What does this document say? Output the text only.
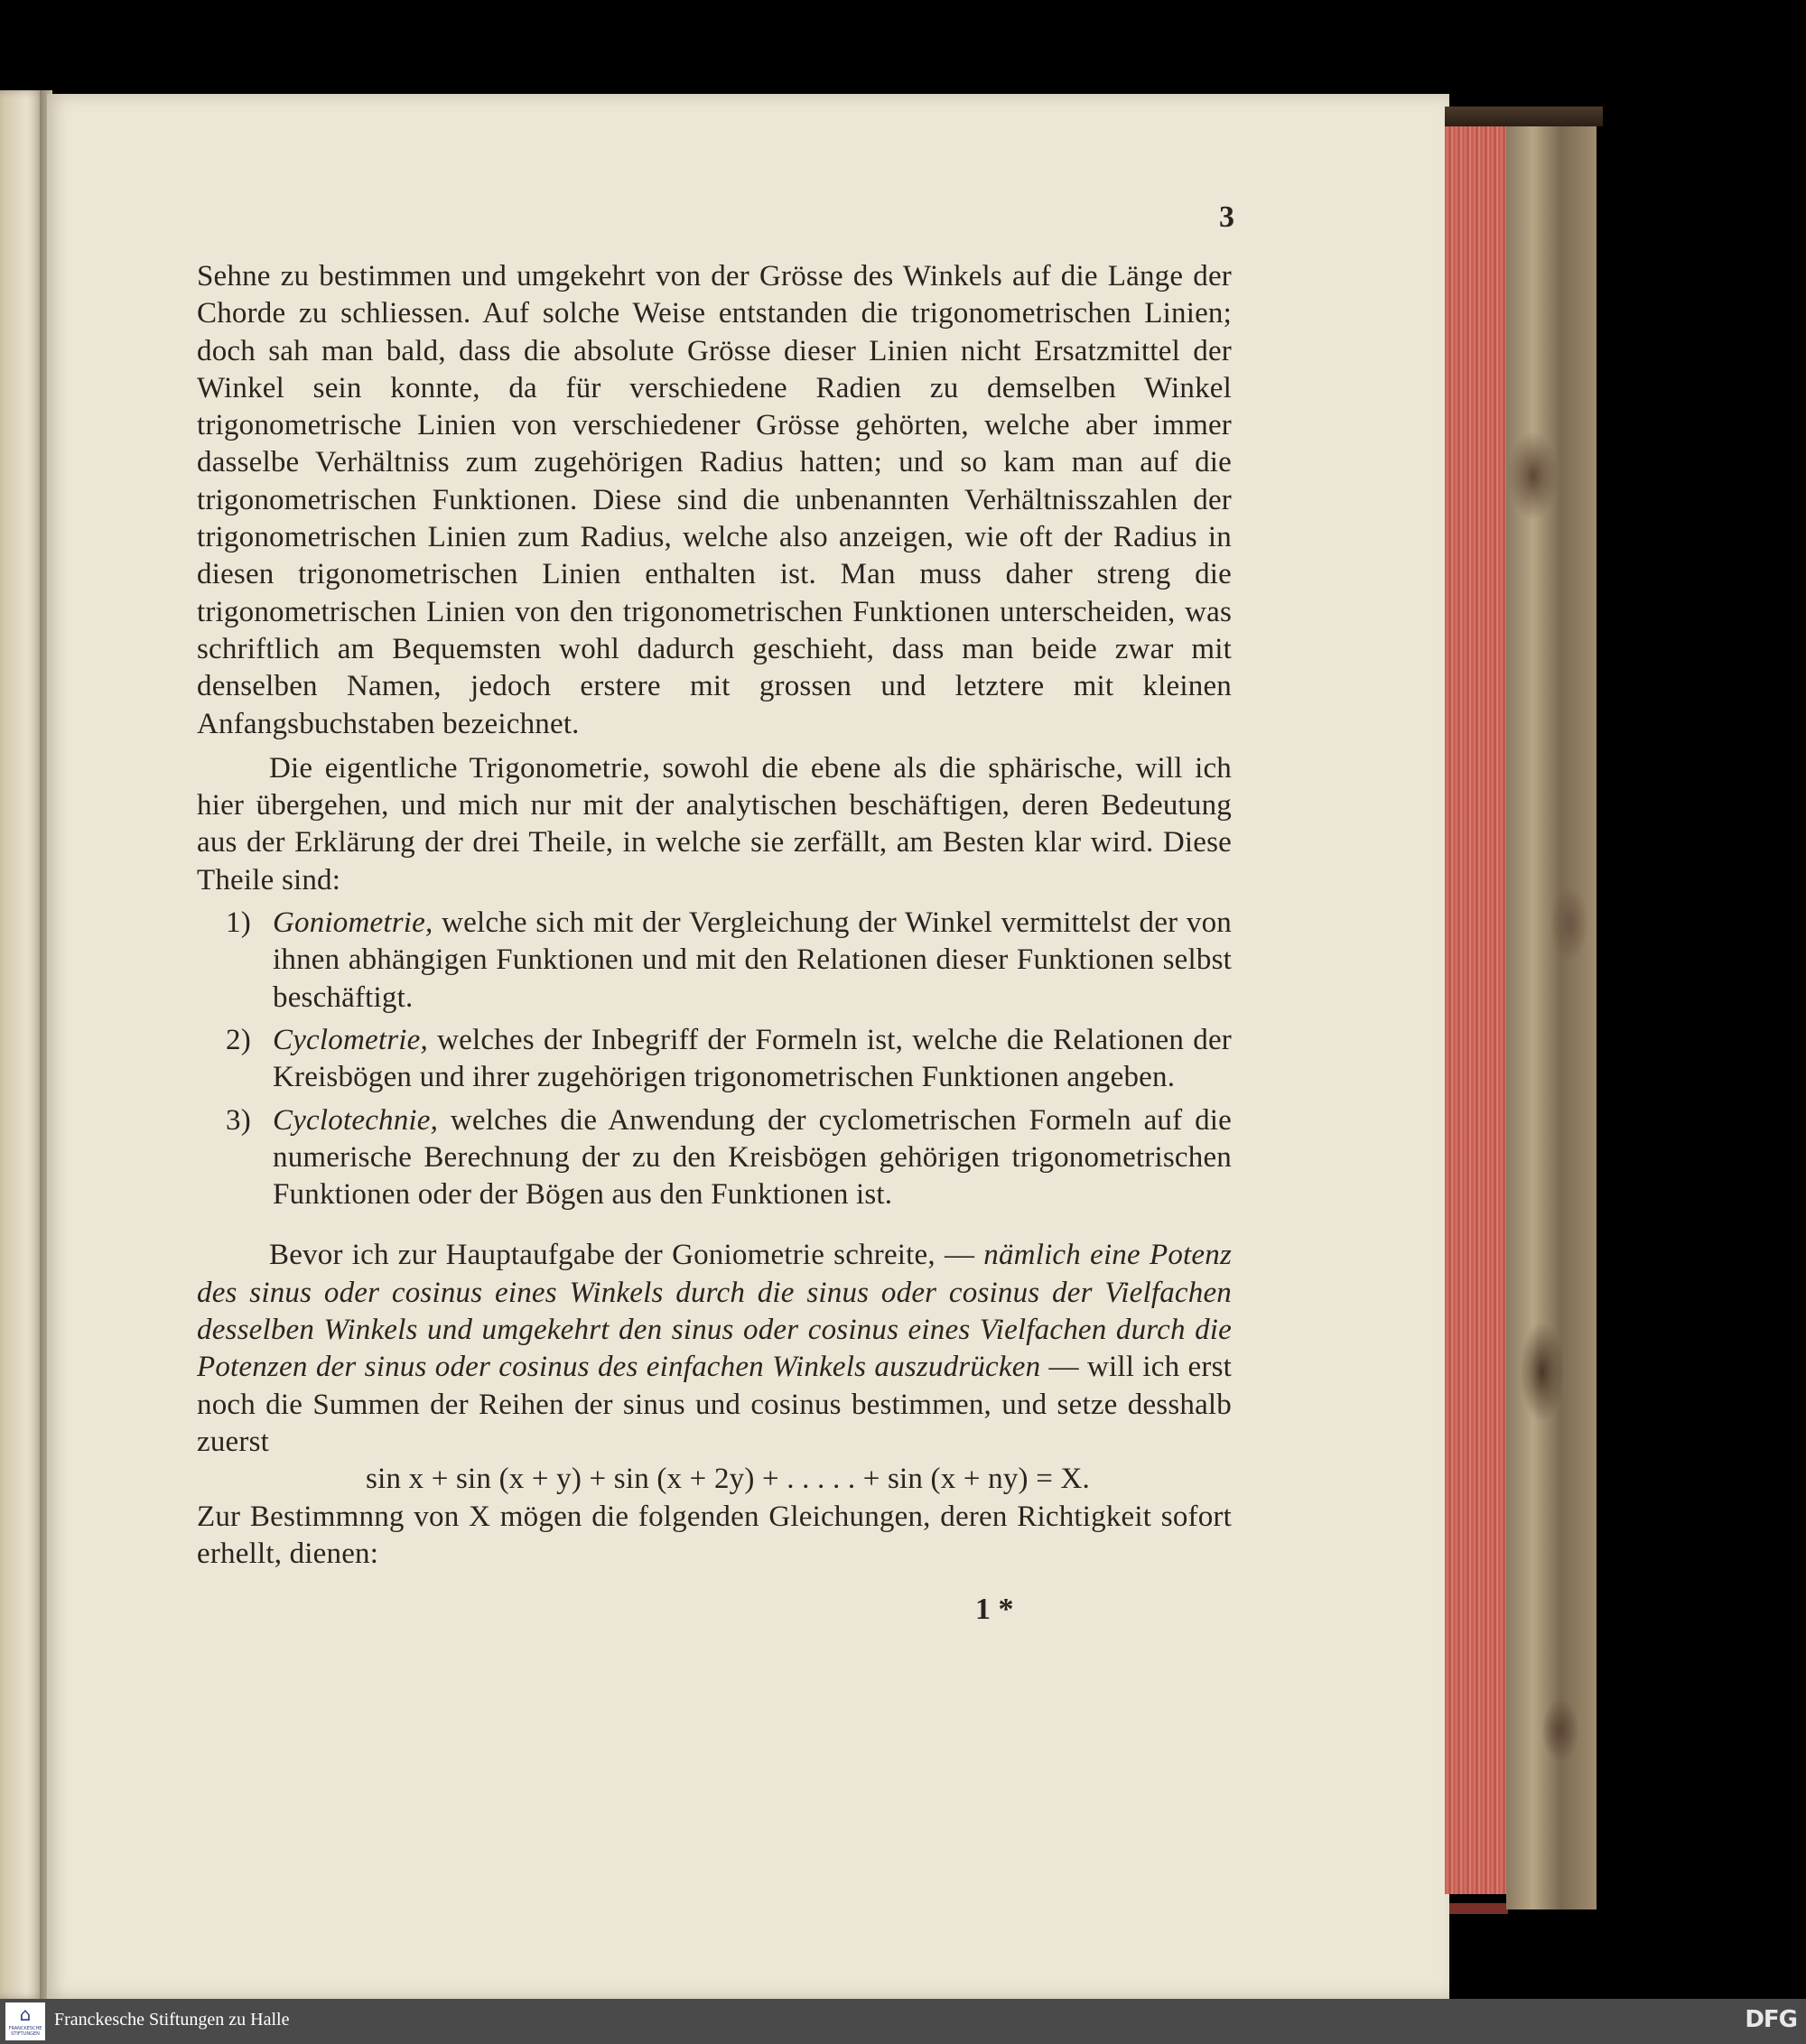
3

Sehne zu bestimmen und umgekehrt von der Grösse des Winkels auf die Länge der Chorde zu schliessen. Auf solche Weise entstanden die trigonometrischen Linien; doch sah man bald, dass die absolute Grösse dieser Linien nicht Ersatzmittel der Winkel sein konnte, da für verschiedene Radien zu demselben Winkel trigonometrische Linien von verschiedener Grösse gehörten, welche aber immer dasselbe Verhältniss zum zugehörigen Radius hatten; und so kam man auf die trigonometrischen Funktionen. Diese sind die unbenannten Verhältnisszahlen der trigonometrischen Linien zum Radius, welche also anzeigen, wie oft der Radius in diesen trigonometrischen Linien enthalten ist. Man muss daher streng die trigonometrischen Linien von den trigonometrischen Funktionen unterscheiden, was schriftlich am Bequemsten wohl dadurch geschieht, dass man beide zwar mit denselben Namen, jedoch erstere mit grossen und letztere mit kleinen Anfangsbuchstaben bezeichnet.

Die eigentliche Trigonometrie, sowohl die ebene als die sphärische, will ich hier übergehen, und mich nur mit der analytischen beschäftigen, deren Bedeutung aus der Erklärung der drei Theile, in welche sie zerfällt, am Besten klar wird. Diese Theile sind:

1) Goniometrie, welche sich mit der Vergleichung der Winkel vermittelst der von ihnen abhängigen Funktionen und mit den Relationen dieser Funktionen selbst beschäftigt.

2) Cyclometrie, welches der Inbegriff der Formeln ist, welche die Relationen der Kreisbögen und ihrer zugehörigen trigonometrischen Funktionen angeben.

3) Cyclotechnie, welches die Anwendung der cyclometrischen Formeln auf die numerische Berechnung der zu den Kreisbögen gehörigen trigonometrischen Funktionen oder der Bögen aus den Funktionen ist.

Bevor ich zur Hauptaufgabe der Goniometrie schreite, — nämlich eine Potenz des sinus oder cosinus eines Winkels durch die sinus oder cosinus der Vielfachen desselben Winkels und umgekehrt den sinus oder cosinus eines Vielfachen durch die Potenzen der sinus oder cosinus des einfachen Winkels auszudrücken — will ich erst noch die Summen der Reihen der sinus und cosinus bestimmen, und setze desshalb zuerst

sin x + sin (x + y) + sin (x + 2y) + . . . . . + sin (x + ny) = X.

Zur Bestimmnng von X mögen die folgenden Gleichungen, deren Richtigkeit sofort erhellt, dienen:

1 *
⌂
FRANCKESCHE STIFTUNGEN
Franckesche Stiftungen zu Halle	DFG
